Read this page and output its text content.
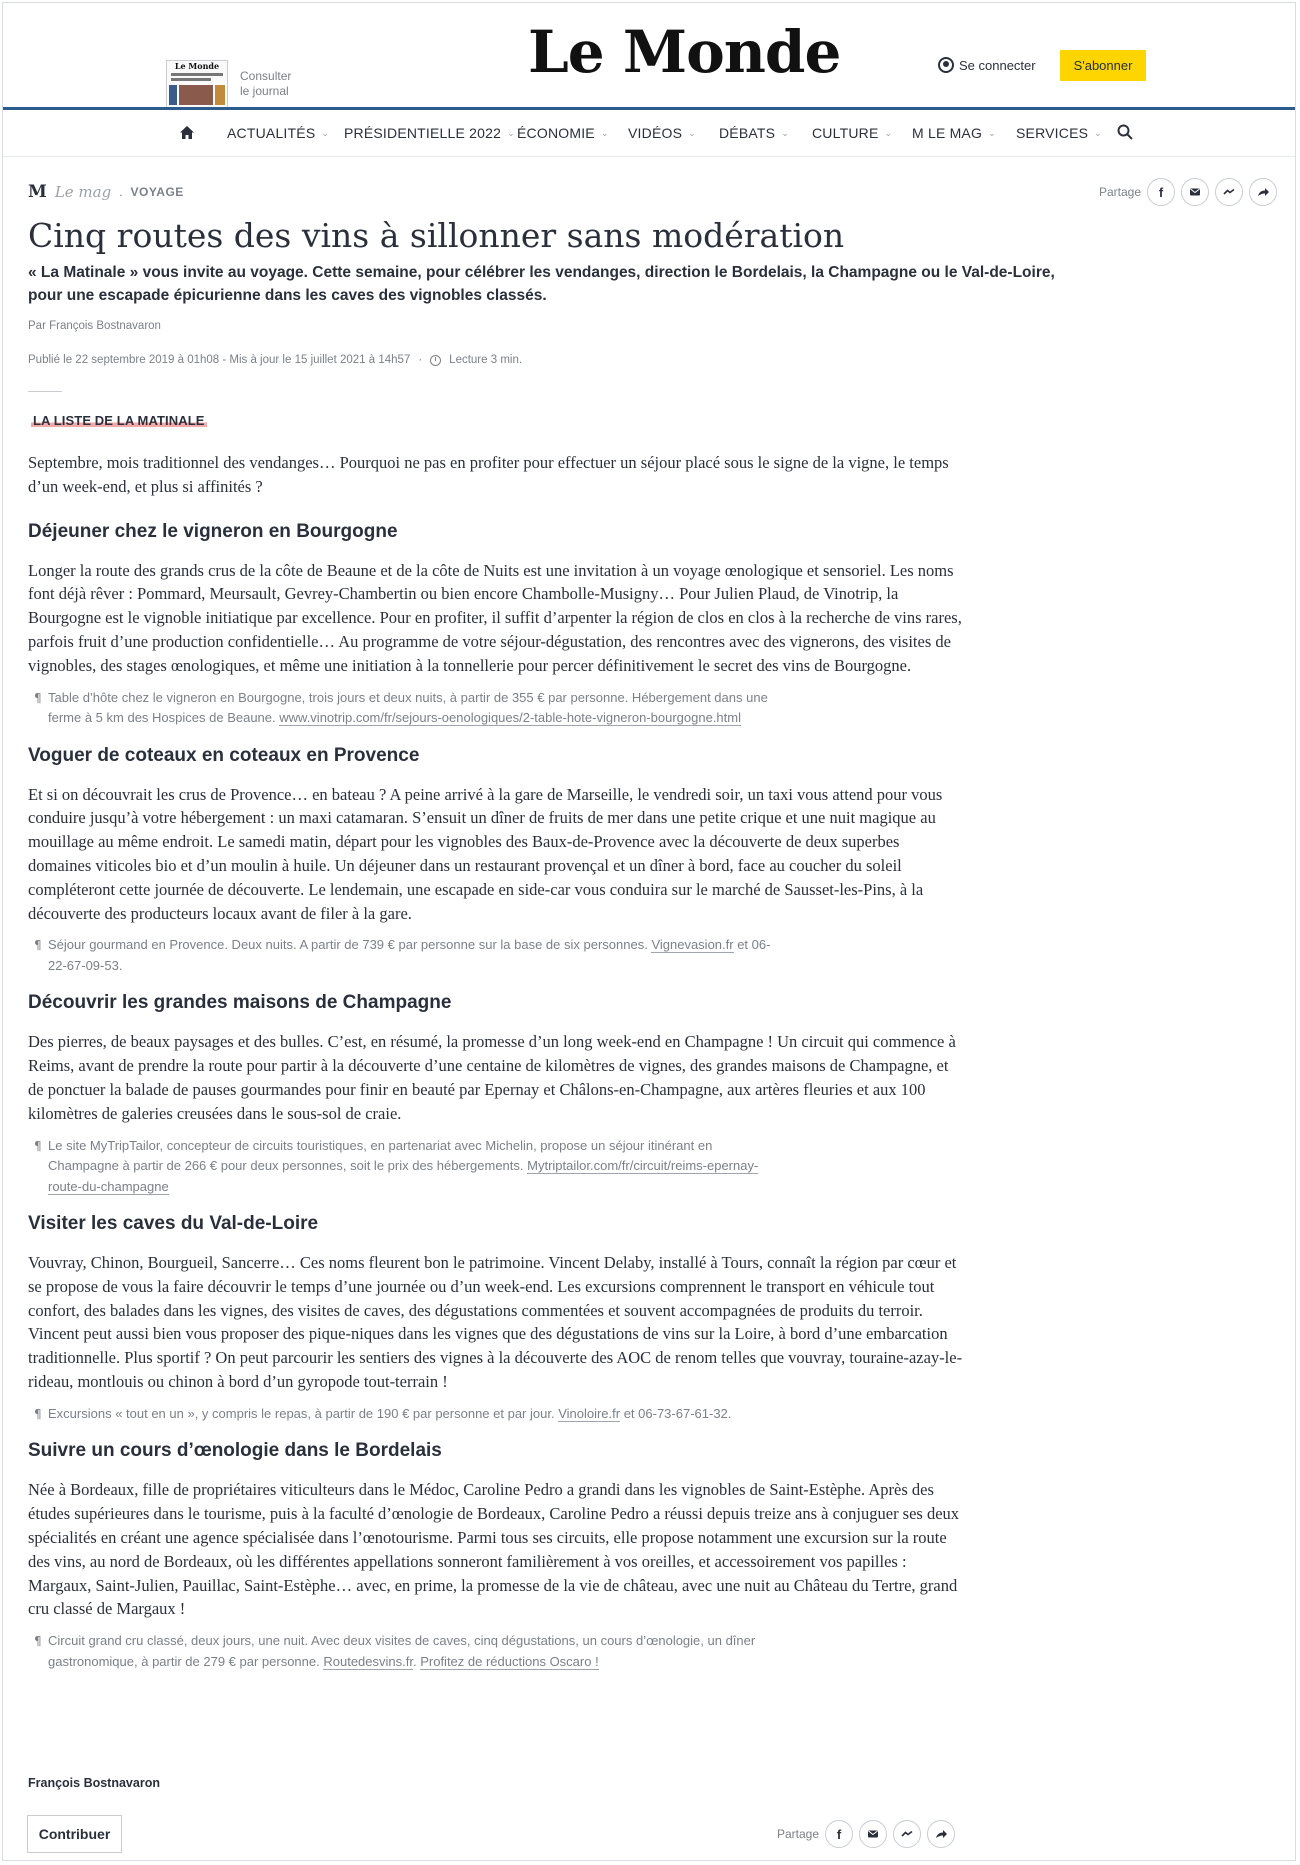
Le Monde
Consulter
le journal
Le Monde	Se connecter	S'abonner
ACTUALITÉS ⌄ PRÉSIDENTIELLE 2022 ⌄ ÉCONOMIE ⌄ VIDÉOS ⌄ DÉBATS ⌄ CULTURE ⌄ M LE MAG ⌄ SERVICES ⌄
M Le mag . VOYAGE	Partage	f
Cinq routes des vins à sillonner sans modération

« La Matinale » vous invite au voyage. Cette semaine, pour célébrer les vendanges, direction le Bordelais, la Champagne ou le Val-de-Loire, pour une escapade épicurienne dans les caves des vignobles classés.

Par François Bostnavaron
Publié le 22 septembre 2019 à 01h08 - Mis à jour le 15 juillet 2021 à 14h57 · Lecture 3 min.
LA LISTE DE LA MATINALE

Septembre, mois traditionnel des vendanges… Pourquoi ne pas en profiter pour effectuer un séjour placé sous le signe de la vigne, le temps d’un week-end, et plus si affinités ?

Déjeuner chez le vigneron en Bourgogne

Longer la route des grands crus de la côte de Beaune et de la côte de Nuits est une invitation à un voyage œnologique et sensoriel. Les noms font déjà rêver : Pommard, Meursault, Gevrey-Chambertin ou bien encore Chambolle-Musigny… Pour Julien Plaud, de Vinotrip, la Bourgogne est le vignoble initiatique par excellence. Pour en profiter, il suffit d’arpenter la région de clos en clos à la recherche de vins rares, parfois fruit d’une production confidentielle… Au programme de votre séjour-dégustation, des rencontres avec des vignerons, des visites de vignobles, des stages œnologiques, et même une initiation à la tonnellerie pour percer définitivement le secret des vins de Bourgogne.

¶ Table d’hôte chez le vigneron en Bourgogne, trois jours et deux nuits, à partir de 355 € par personne. Hébergement dans une ferme à 5 km des Hospices de Beaune. www.vinotrip.com/fr/sejours-oenologiques/2-table-hote-vigneron-bourgogne.html

Voguer de coteaux en coteaux en Provence

Et si on découvrait les crus de Provence… en bateau ? A peine arrivé à la gare de Marseille, le vendredi soir, un taxi vous attend pour vous conduire jusqu’à votre hébergement : un maxi catamaran. S’ensuit un dîner de fruits de mer dans une petite crique et une nuit magique au mouillage au même endroit. Le samedi matin, départ pour les vignobles des Baux-de-Provence avec la découverte de deux superbes domaines viticoles bio et d’un moulin à huile. Un déjeuner dans un restaurant provençal et un dîner à bord, face au coucher du soleil compléteront cette journée de découverte. Le lendemain, une escapade en side-car vous conduira sur le marché de Sausset-les-Pins, à la découverte des producteurs locaux avant de filer à la gare.

¶ Séjour gourmand en Provence. Deux nuits. A partir de 739 € par personne sur la base de six personnes. Vignevasion.fr et 06-22-67-09-53.

Découvrir les grandes maisons de Champagne

Des pierres, de beaux paysages et des bulles. C’est, en résumé, la promesse d’un long week-end en Champagne ! Un circuit qui commence à Reims, avant de prendre la route pour partir à la découverte d’une centaine de kilomètres de vignes, des grandes maisons de Champagne, et de ponctuer la balade de pauses gourmandes pour finir en beauté par Epernay et Châlons-en-Champagne, aux artères fleuries et aux 100 kilomètres de galeries creusées dans le sous-sol de craie.

¶ Le site MyTripTailor, concepteur de circuits touristiques, en partenariat avec Michelin, propose un séjour itinérant en Champagne à partir de 266 € pour deux personnes, soit le prix des hébergements. Mytriptailor.com/fr/circuit/reims-epernay-route-du-champagne

Visiter les caves du Val-de-Loire

Vouvray, Chinon, Bourgueil, Sancerre… Ces noms fleurent bon le patrimoine. Vincent Delaby, installé à Tours, connaît la région par cœur et se propose de vous la faire découvrir le temps d’une journée ou d’un week-end. Les excursions comprennent le transport en véhicule tout confort, des balades dans les vignes, des visites de caves, des dégustations commentées et souvent accompagnées de produits du terroir. Vincent peut aussi bien vous proposer des pique-niques dans les vignes que des dégustations de vins sur la Loire, à bord d’une embarcation traditionnelle. Plus sportif ? On peut parcourir les sentiers des vignes à la découverte des AOC de renom telles que vouvray, touraine-azay-le-rideau, montlouis ou chinon à bord d’un gyropode tout-terrain !

¶ Excursions « tout en un », y compris le repas, à partir de 190 € par personne et par jour. Vinoloire.fr et 06-73-67-61-32.

Suivre un cours d’œnologie dans le Bordelais

Née à Bordeaux, fille de propriétaires viticulteurs dans le Médoc, Caroline Pedro a grandi dans les vignobles de Saint-Estèphe. Après des études supérieures dans le tourisme, puis à la faculté d’œnologie de Bordeaux, Caroline Pedro a réussi depuis treize ans à conjuguer ses deux spécialités en créant une agence spécialisée dans l’œnotourisme. Parmi tous ses circuits, elle propose notamment une excursion sur la route des vins, au nord de Bordeaux, où les différentes appellations sonneront familièrement à vos oreilles, et accessoirement vos papilles : Margaux, Saint-Julien, Pauillac, Saint-Estèphe… avec, en prime, la promesse de la vie de château, avec une nuit au Château du Tertre, grand cru classé de Margaux !

¶ Circuit grand cru classé, deux jours, une nuit. Avec deux visites de caves, cinq dégustations, un cours d’œnologie, un dîner gastronomique, à partir de 279 € par personne. Routedesvins.fr. Profitez de réductions Oscaro !

François Bostnavaron
Contribuer	Partage	f
